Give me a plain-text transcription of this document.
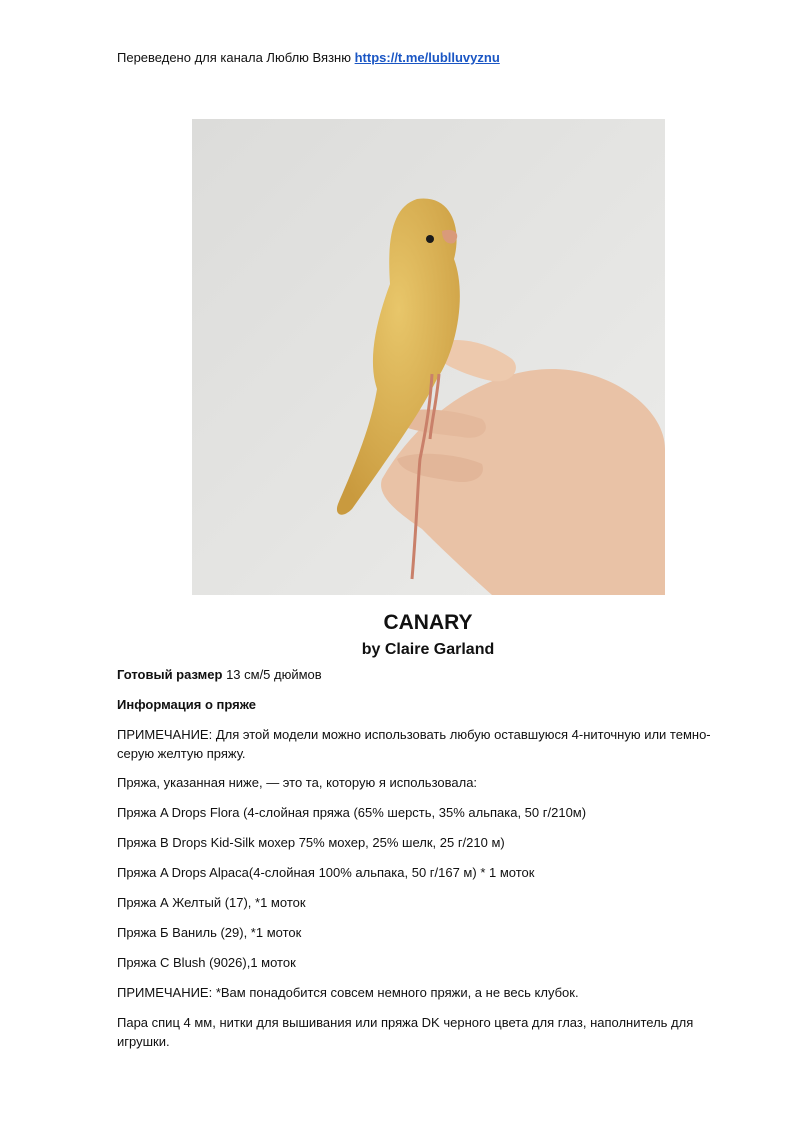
Переведено для канала Люблю Вязню https://t.me/lublluvyznu
CANARY
by Claire Garland

Готовый размер 13 см/5 дюймов

Информация о пряже

ПРИМЕЧАНИЕ: Для этой модели можно использовать любую оставшуюся 4-ниточную или темно-серую желтую пряжу.

Пряжа, указанная ниже, — это та, которую я использовала:

Пряжа A Drops Flora (4-слойная пряжа (65% шерсть, 35% альпака, 50 г/210м)

Пряжа B Drops Kid-Silk мохер 75% мохер, 25% шелк, 25 г/210 м)

Пряжа A Drops Alpaca(4-слойная 100% альпака, 50 г/167 м) * 1 моток

Пряжа А Желтый (17), *1 моток

Пряжа Б Ваниль (29), *1 моток

Пряжа С Blush (9026),1 моток

ПРИМЕЧАНИЕ: *Вам понадобится совсем немного пряжи, а не весь клубок.

Пара спиц 4 мм, нитки для вышивания или пряжа DK черного цвета для глаз, наполнитель для игрушки.
